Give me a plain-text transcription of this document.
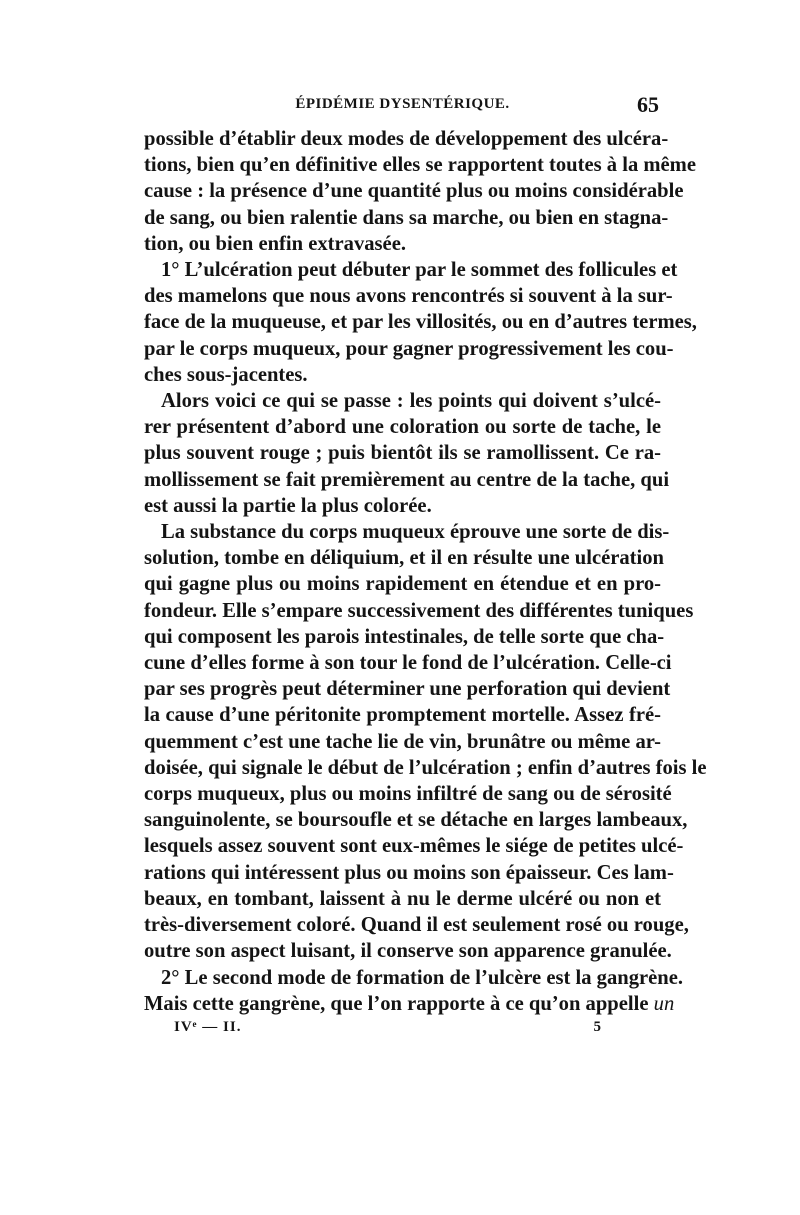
ÉPIDÉMIE DYSENTÉRIQUE.	65
possible d’établir deux modes de développement des ulcéra-
tions, bien qu’en définitive elles se rapportent toutes à la même
cause : la présence d’une quantité plus ou moins considérable
de sang, ou bien ralentie dans sa marche, ou bien en stagna-
tion, ou bien enfin extravasée.
1° L’ulcération peut débuter par le sommet des follicules et
des mamelons que nous avons rencontrés si souvent à la sur-
face de la muqueuse, et par les villosités, ou en d’autres termes,
par le corps muqueux, pour gagner progressivement les cou-
ches sous-jacentes.
Alors voici ce qui se passe : les points qui doivent s’ulcé-
rer présentent d’abord une coloration ou sorte de tache, le
plus souvent rouge ; puis bientôt ils se ramollissent. Ce ra-
mollissement se fait premièrement au centre de la tache, qui
est aussi la partie la plus colorée.
La substance du corps muqueux éprouve une sorte de dis-
solution, tombe en déliquium, et il en résulte une ulcération
qui gagne plus ou moins rapidement en étendue et en pro-
fondeur. Elle s’empare successivement des différentes tuniques
qui composent les parois intestinales, de telle sorte que cha-
cune d’elles forme à son tour le fond de l’ulcération. Celle-ci
par ses progrès peut déterminer une perforation qui devient
la cause d’une péritonite promptement mortelle. Assez fré-
quemment c’est une tache lie de vin, brunâtre ou même ar-
doisée, qui signale le début de l’ulcération ; enfin d’autres fois le
corps muqueux, plus ou moins infiltré de sang ou de sérosité
sanguinolente, se boursoufle et se détache en larges lambeaux,
lesquels assez souvent sont eux-mêmes le siége de petites ulcé-
rations qui intéressent plus ou moins son épaisseur. Ces lam-
beaux, en tombant, laissent à nu le derme ulcéré ou non et
très-diversement coloré. Quand il est seulement rosé ou rouge,
outre son aspect luisant, il conserve son apparence granulée.
2° Le second mode de formation de l’ulcère est la gangrène.
Mais cette gangrène, que l’on rapporte à ce qu’on appelle un
IVᵉ — II.	5
